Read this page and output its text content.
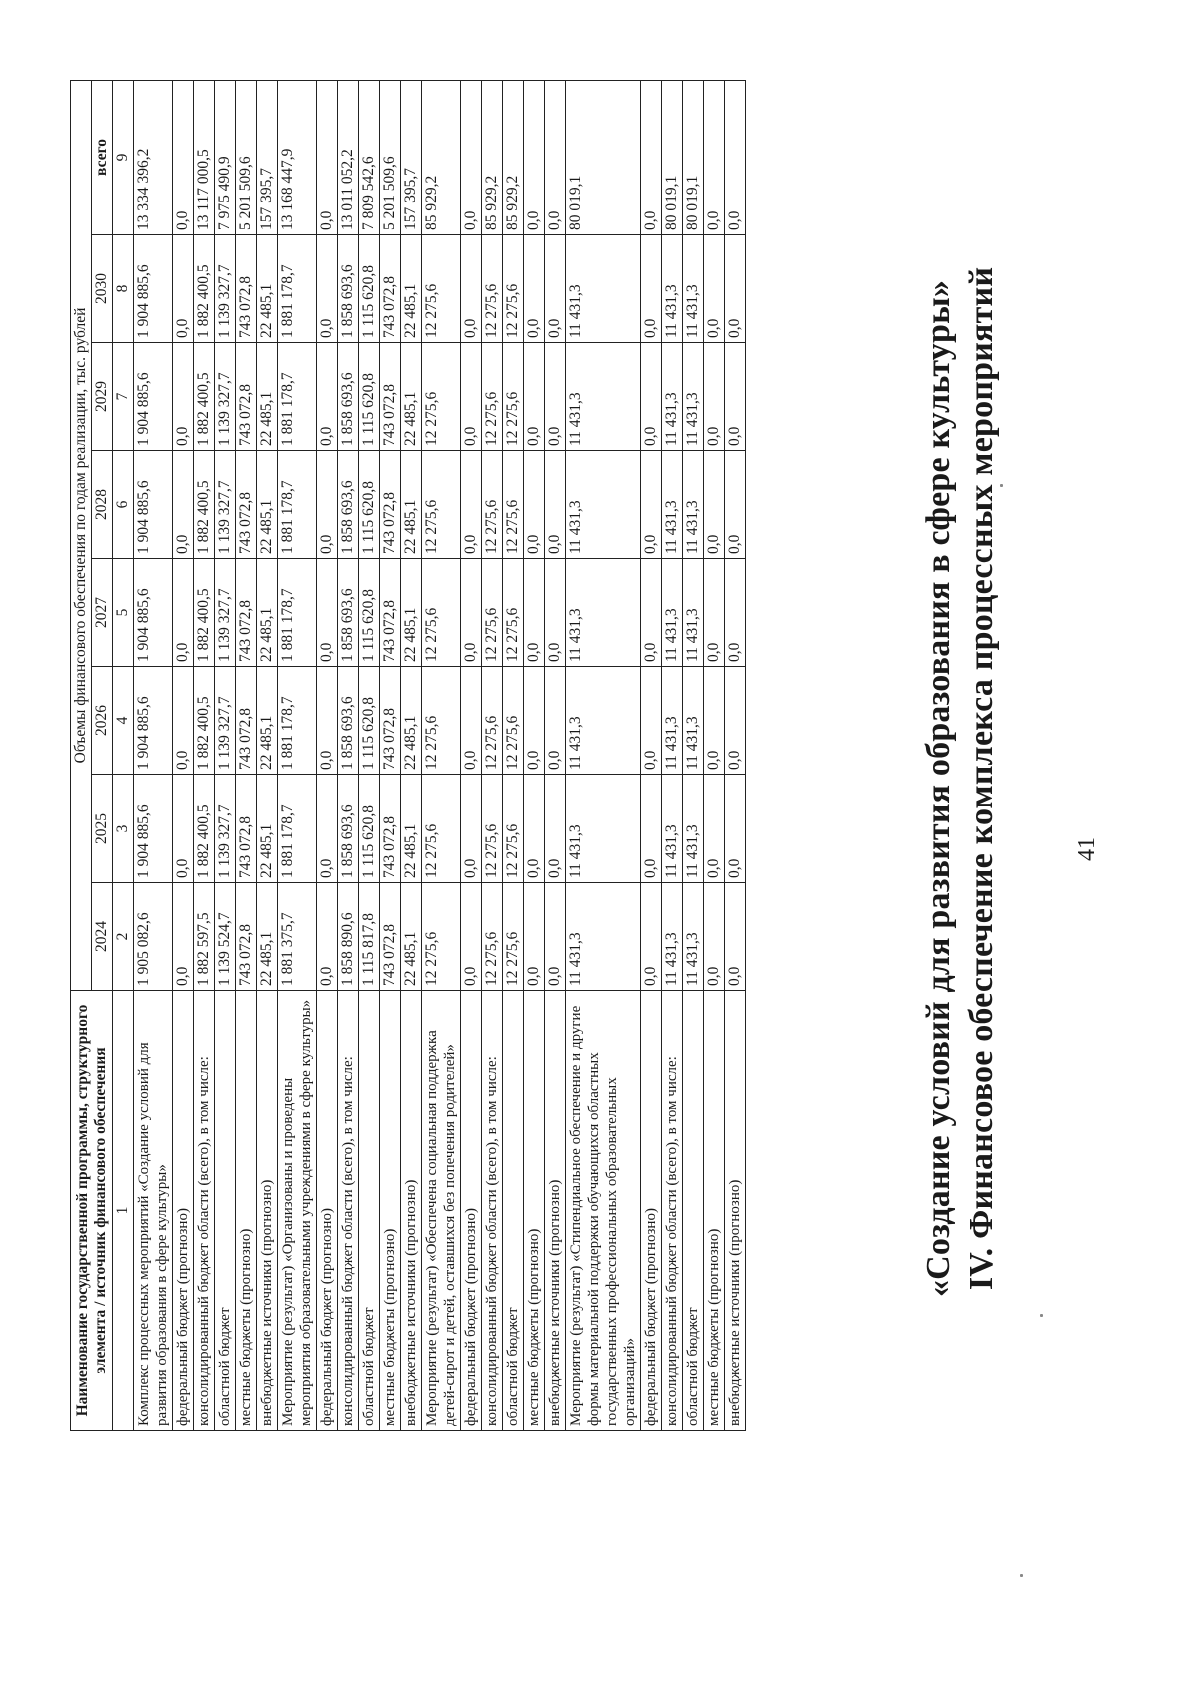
41
IV. Финансовое обеспечение комплекса процессных мероприятий
«Создание условий для развития образования в сфере культуры»
Наименование государственной программы, структурного элемента / источник финансового обеспечения	Объемы финансового обеспечения по годам реализации, тыс. рублей							
	2024	2025	2026	2027	2028	2029	2030	всего
1	2	3	4	5	6	7	8	9
Комплекс процессных мероприятий «Создание условий для развития образования в сфере культуры»	1 905 082,6	1 904 885,6	1 904 885,6	1 904 885,6	1 904 885,6	1 904 885,6	1 904 885,6	13 334 396,2
федеральный бюджет (прогнозно)	0,0	0,0	0,0	0,0	0,0	0,0	0,0	0,0
консолидированный бюджет области (всего), в том числе:	1 882 597,5	1 882 400,5	1 882 400,5	1 882 400,5	1 882 400,5	1 882 400,5	1 882 400,5	13 117 000,5
областной бюджет	1 139 524,7	1 139 327,7	1 139 327,7	1 139 327,7	1 139 327,7	1 139 327,7	1 139 327,7	7 975 490,9
местные бюджеты (прогнозно)	743 072,8	743 072,8	743 072,8	743 072,8	743 072,8	743 072,8	743 072,8	5 201 509,6
внебюджетные источники (прогнозно)	22 485,1	22 485,1	22 485,1	22 485,1	22 485,1	22 485,1	22 485,1	157 395,7
Мероприятие (результат) «Организованы и проведены мероприятия образовательными учреждениями в сфере культуры»	1 881 375,7	1 881 178,7	1 881 178,7	1 881 178,7	1 881 178,7	1 881 178,7	1 881 178,7	13 168 447,9
федеральный бюджет (прогнозно)	0,0	0,0	0,0	0,0	0,0	0,0	0,0	0,0
консолидированный бюджет области (всего), в том числе:	1 858 890,6	1 858 693,6	1 858 693,6	1 858 693,6	1 858 693,6	1 858 693,6	1 858 693,6	13 011 052,2
областной бюджет	1 115 817,8	1 115 620,8	1 115 620,8	1 115 620,8	1 115 620,8	1 115 620,8	1 115 620,8	7 809 542,6
местные бюджеты (прогнозно)	743 072,8	743 072,8	743 072,8	743 072,8	743 072,8	743 072,8	743 072,8	5 201 509,6
внебюджетные источники (прогнозно)	22 485,1	22 485,1	22 485,1	22 485,1	22 485,1	22 485,1	22 485,1	157 395,7
Мероприятие (результат) «Обеспечена социальная поддержка детей-сирот и детей, оставшихся без попечения родителей»	12 275,6	12 275,6	12 275,6	12 275,6	12 275,6	12 275,6	12 275,6	85 929,2
федеральный бюджет (прогнозно)	0,0	0,0	0,0	0,0	0,0	0,0	0,0	0,0
консолидированный бюджет области (всего), в том числе:	12 275,6	12 275,6	12 275,6	12 275,6	12 275,6	12 275,6	12 275,6	85 929,2
областной бюджет	12 275,6	12 275,6	12 275,6	12 275,6	12 275,6	12 275,6	12 275,6	85 929,2
местные бюджеты (прогнозно)	0,0	0,0	0,0	0,0	0,0	0,0	0,0	0,0
внебюджетные источники (прогнозно)	0,0	0,0	0,0	0,0	0,0	0,0	0,0	0,0
Мероприятие (результат) «Стипендиальное обеспечение и другие формы материальной поддержки обучающихся областных государственных профессиональных образовательных организаций»	11 431,3	11 431,3	11 431,3	11 431,3	11 431,3	11 431,3	11 431,3	80 019,1
федеральный бюджет (прогнозно)	0,0	0,0	0,0	0,0	0,0	0,0	0,0	0,0
консолидированный бюджет области (всего), в том числе:	11 431,3	11 431,3	11 431,3	11 431,3	11 431,3	11 431,3	11 431,3	80 019,1
областной бюджет	11 431,3	11 431,3	11 431,3	11 431,3	11 431,3	11 431,3	11 431,3	80 019,1
местные бюджеты (прогнозно)	0,0	0,0	0,0	0,0	0,0	0,0	0,0	0,0
внебюджетные источники (прогнозно)	0,0	0,0	0,0	0,0	0,0	0,0	0,0	0,0
